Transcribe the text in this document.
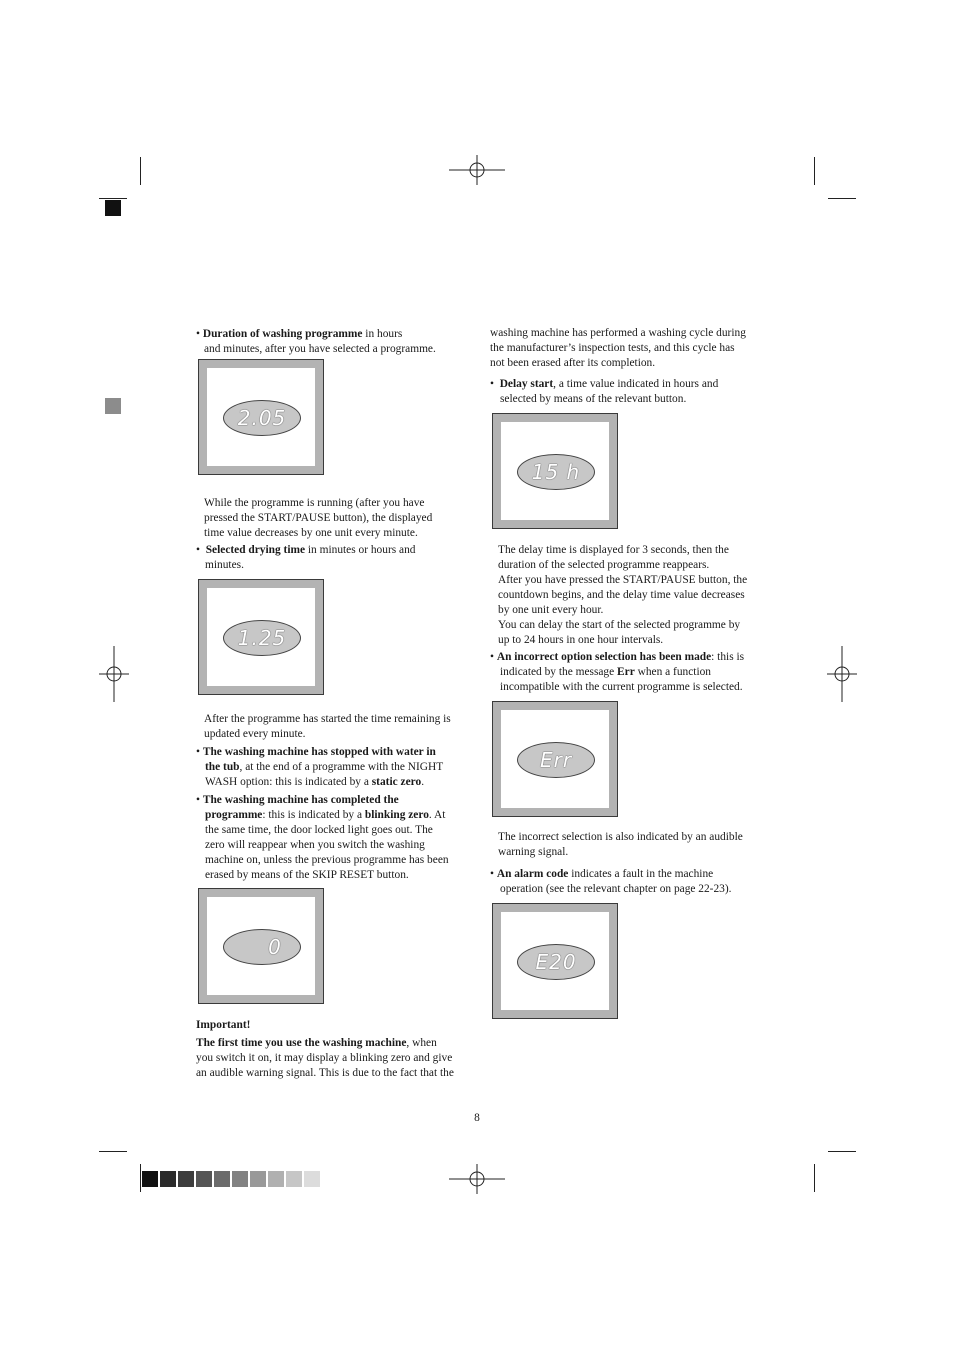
• Duration of washing programme in hours
and minutes, after you have selected a programme.
2.05
While the programme is running (after you have
pressed the START/PAUSE button), the displayed
time value decreases by one unit every minute.
• Selected drying time in minutes or hours and
minutes.
1.25
After the programme has started the time remaining is
updated every minute.
• The washing machine has stopped with water in
the tub, at the end of a programme with the NIGHT
WASH option: this is indicated by a static zero.
• The washing machine has completed the
programme: this is indicated by a blinking zero. At
the same time, the door locked light goes out. The
zero will reappear when you switch the washing
machine on, unless the previous programme has been
erased by means of the SKIP RESET button.
0
Important!
The first time you use the washing machine, when
you switch it on, it may display a blinking zero and give
an audible warning signal. This is due to the fact that the
washing machine has performed a washing cycle during
the manufacturer’s inspection tests, and this cycle has
not been erased after its completion.
• Delay start, a time value indicated in hours and
selected by means of the relevant button.
15 h
The delay time is displayed for 3 seconds, then the
duration of the selected programme reappears.
After you have pressed the START/PAUSE button, the
countdown begins, and the delay time value decreases
by one unit every hour.
You can delay the start of the selected programme by
up to 24 hours in one hour intervals.
• An incorrect option selection has been made: this is
indicated by the message Err when a function
incompatible with the current programme is selected.
Err
The incorrect selection is also indicated by an audible
warning signal.
• An alarm code indicates a fault in the machine
operation (see the relevant chapter on page 22-23).
E20
8
